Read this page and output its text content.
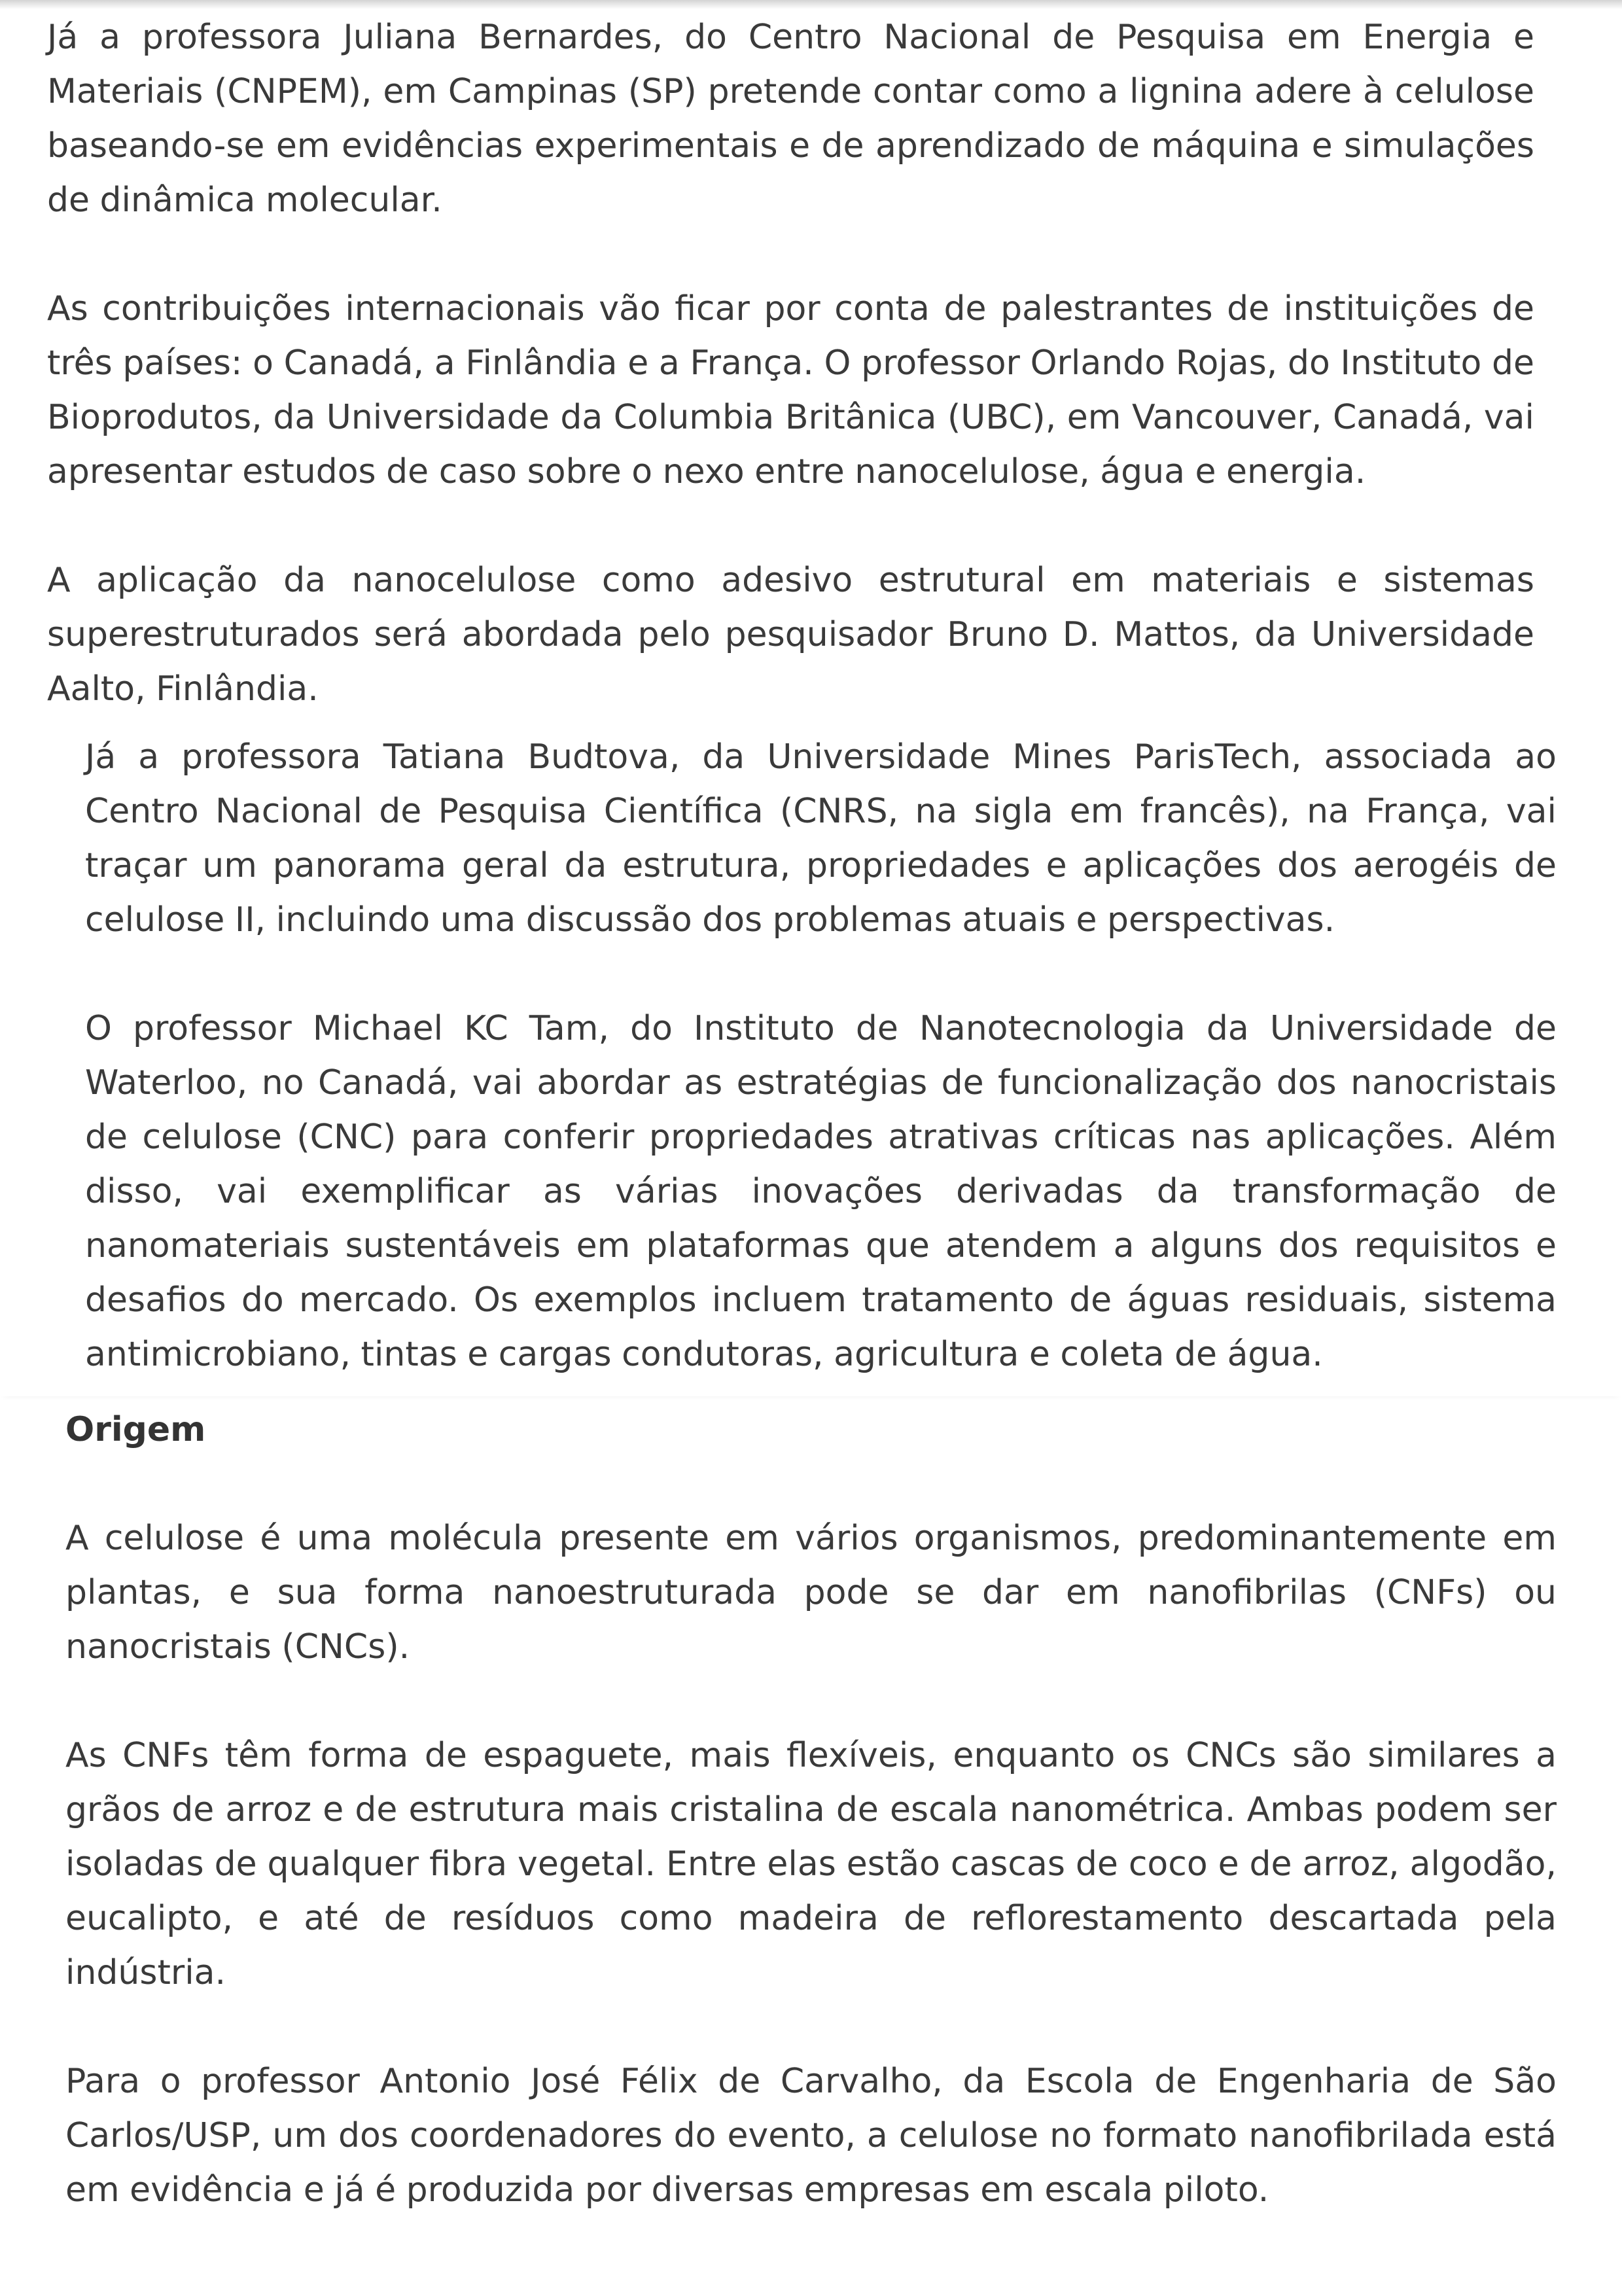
Já a professora Juliana Bernardes, do Centro Nacional de Pesquisa em Energia e Materiais (CNPEM), em Campinas (SP) pretende contar como a lignina adere à celulose baseando-se em evidências experimentais e de aprendizado de máquina e simulações de dinâmica molecular.

As contribuições internacionais vão ficar por conta de palestrantes de instituições de três países: o Canadá, a Finlândia e a França. O professor Orlando Rojas, do Instituto de Bioprodutos, da Universidade da Columbia Britânica (UBC), em Vancouver, Canadá, vai apresentar estudos de caso sobre o nexo entre nanocelulose, água e energia.

A aplicação da nanocelulose como adesivo estrutural em materiais e sistemas superestruturados será abordada pelo pesquisador Bruno D. Mattos, da Universidade Aalto, Finlândia.

Já a professora Tatiana Budtova, da Universidade Mines ParisTech, associada ao Centro Nacional de Pesquisa Científica (CNRS, na sigla em francês), na França, vai traçar um panorama geral da estrutura, propriedades e aplicações dos aerogéis de celulose II, incluindo uma discussão dos problemas atuais e perspectivas.

O professor Michael KC Tam, do Instituto de Nanotecnologia da Universidade de Waterloo, no Canadá, vai abordar as estratégias de funcionalização dos nanocristais de celulose (CNC) para conferir propriedades atrativas críticas nas aplicações. Além disso, vai exemplificar as várias inovações derivadas da transformação de nanomateriais sustentáveis em plataformas que atendem a alguns dos requisitos e desafios do mercado. Os exemplos incluem tratamento de águas residuais, sistema antimicrobiano, tintas e cargas condutoras, agricultura e coleta de água.

Origem

A celulose é uma molécula presente em vários organismos, predominantemente em plantas, e sua forma nanoestruturada pode se dar em nanofibrilas (CNFs) ou nanocristais (CNCs).

As CNFs têm forma de espaguete, mais flexíveis, enquanto os CNCs são similares a grãos de arroz e de estrutura mais cristalina de escala nanométrica. Ambas podem ser isoladas de qualquer fibra vegetal. Entre elas estão cascas de coco e de arroz, algodão, eucalipto, e até de resíduos como madeira de reflorestamento descartada pela indústria.

Para o professor Antonio José Félix de Carvalho, da Escola de Engenharia de São Carlos/USP, um dos coordenadores do evento, a celulose no formato nanofibrilada está em evidência e já é produzida por diversas empresas em escala piloto.
